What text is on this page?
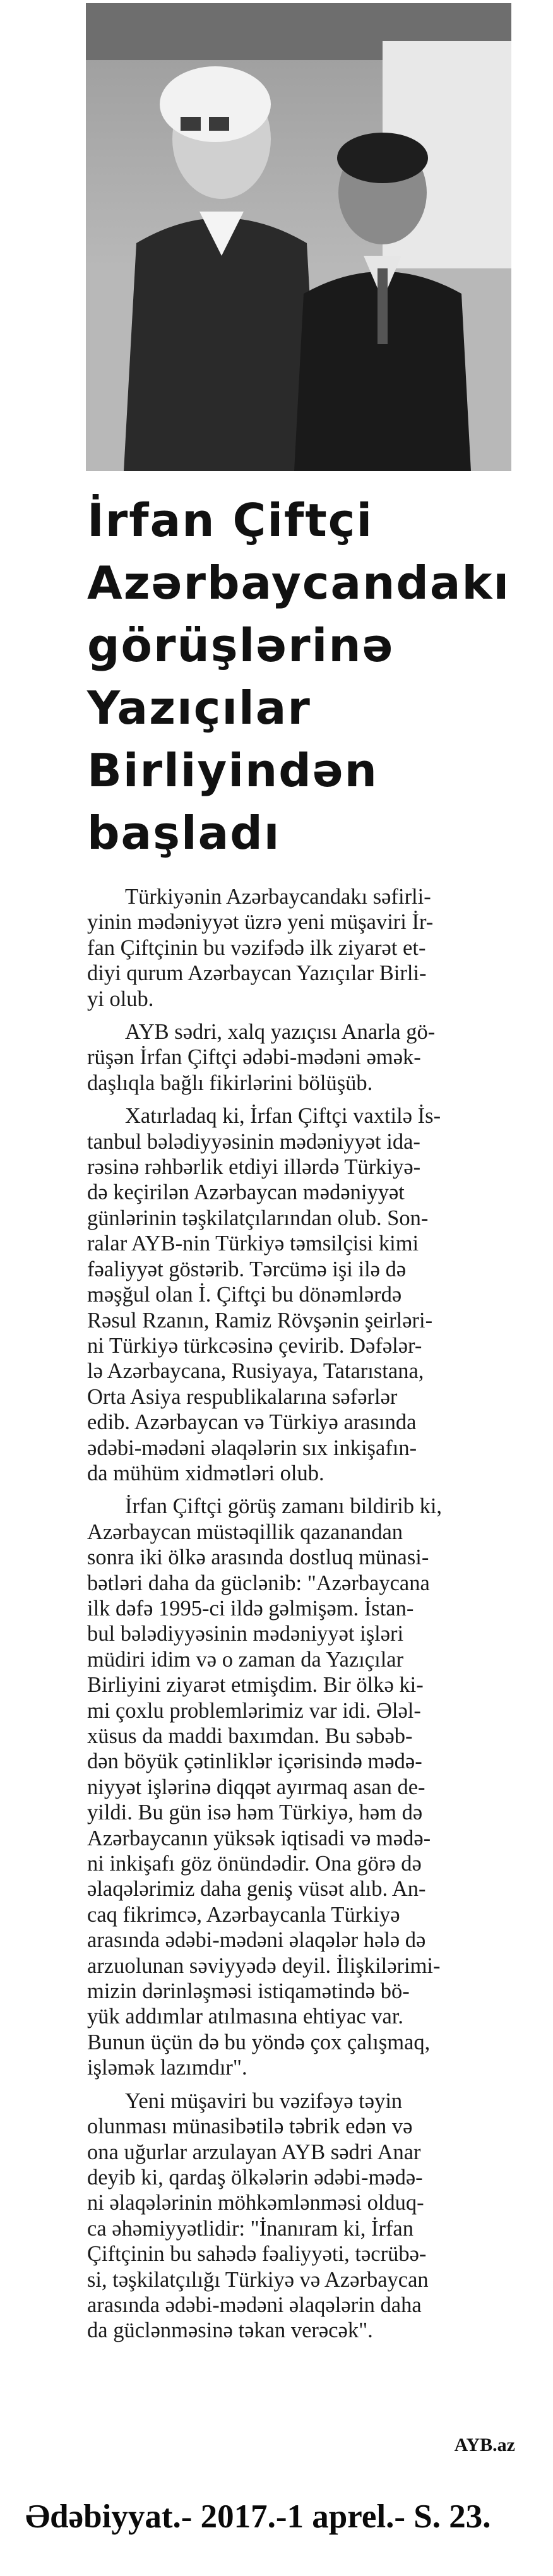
İrfan Çiftçi
Azərbaycandakı
görüşlərinə
Yazıçılar
Birliyindən
başladı

Türkiyənin Azərbaycandakı səfirli-
yinin mədəniyyət üzrə yeni müşaviri İr-
fan Çiftçinin bu vəzifədə ilk ziyarət et-
diyi qurum Azərbaycan Yazıçılar Birli-
yi olub.

AYB sədri, xalq yazıçısı Anarla gö-
rüşən İrfan Çiftçi ədəbi-mədəni əmək-
daşlıqla bağlı fikirlərini bölüşüb.

Xatırladaq ki, İrfan Çiftçi vaxtilə İs-
tanbul bələdiyyəsinin mədəniyyət ida-
rəsinə rəhbərlik etdiyi illərdə Türkiyə-
də keçirilən Azərbaycan mədəniyyət
günlərinin təşkilatçılarından olub. Son-
ralar AYB-nin Türkiyə təmsilçisi kimi
fəaliyyət göstərib. Tərcümə işi ilə də
məşğul olan İ. Çiftçi bu dönəmlərdə
Rəsul Rzanın, Ramiz Rövşənin şeirləri-
ni Türkiyə türkcəsinə çevirib. Dəfələr-
lə Azərbaycana, Rusiyaya, Tatarıstana,
Orta Asiya respublikalarına səfərlər
edib. Azərbaycan və Türkiyə arasında
ədəbi-mədəni əlaqələrin sıx inkişafın-
da mühüm xidmətləri olub.

İrfan Çiftçi görüş zamanı bildirib ki,
Azərbaycan müstəqillik qazanandan
sonra iki ölkə arasında dostluq münasi-
bətləri daha da güclənib: "Azərbaycana
ilk dəfə 1995-ci ildə gəlmişəm. İstan-
bul bələdiyyəsinin mədəniyyət işləri
müdiri idim və o zaman da Yazıçılar
Birliyini ziyarət etmişdim. Bir ölkə ki-
mi çoxlu problemlərimiz var idi. Ələl-
xüsus da maddi baxımdan. Bu səbəb-
dən böyük çətinliklər içərisində mədə-
niyyət işlərinə diqqət ayırmaq asan de-
yildi. Bu gün isə həm Türkiyə, həm də
Azərbaycanın yüksək iqtisadi və mədə-
ni inkişafı göz önündədir. Ona görə də
əlaqələrimiz daha geniş vüsət alıb. An-
caq fikrimcə, Azərbaycanla Türkiyə
arasında ədəbi-mədəni əlaqələr hələ də
arzuolunan səviyyədə deyil. İlişkilərimi-
mizin dərinləşməsi istiqamətində bö-
yük addımlar atılmasına ehtiyac var.
Bunun üçün də bu yöndə çox çalışmaq,
işləmək lazımdır".

Yeni müşaviri bu vəzifəyə təyin
olunması münasibətilə təbrik edən və
ona uğurlar arzulayan AYB sədri Anar
deyib ki, qardaş ölkələrin ədəbi-mədə-
ni əlaqələrinin möhkəmlənməsi olduq-
ca əhəmiyyətlidir: "İnanıram ki, İrfan
Çiftçinin bu sahədə fəaliyyəti, təcrübə-
si, təşkilatçılığı Türkiyə və Azərbaycan
arasında ədəbi-mədəni əlaqələrin daha
da güclənməsinə təkan verəcək".

AYB.az
Ədəbiyyat.- 2017.-1 aprel.- S. 23.
